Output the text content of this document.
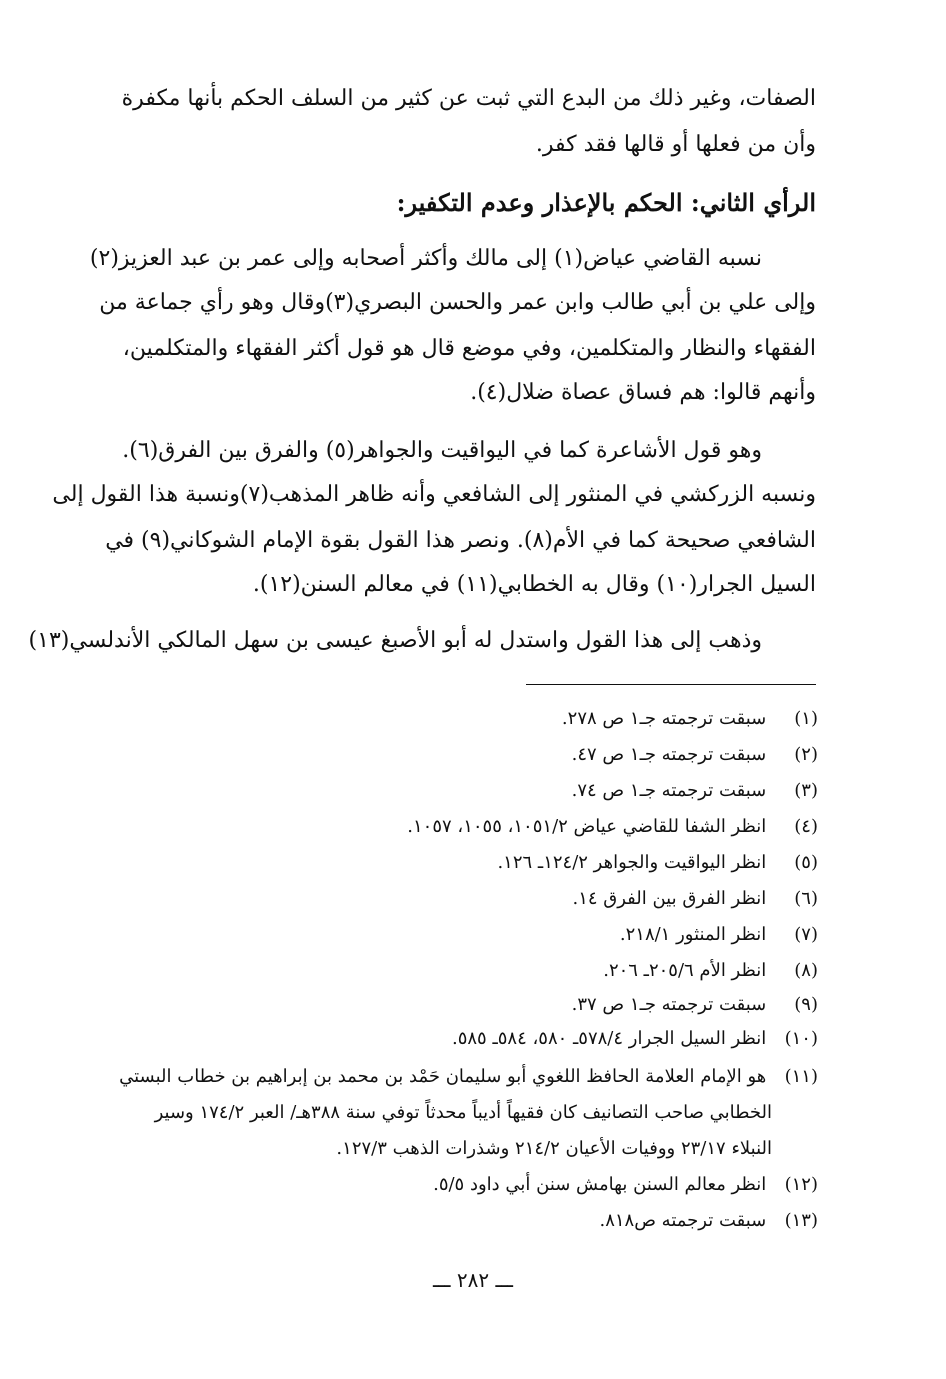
الصفات، وغير ذلك من البدع التي ثبت عن كثير من السلف الحكم بأنها مكفرة
وأن من فعلها أو قالها فقد كفر.
الرأي الثاني: الحكم بالإعذار وعدم التكفير:
نسبه القاضي عياض(١) إلى مالك وأكثر أصحابه وإلى عمر بن عبد العزيز(٢)
وإلى علي بن أبي طالب وابن عمر والحسن البصري(٣)وقال وهو رأي جماعة من
الفقهاء والنظار والمتكلمين، وفي موضع قال هو قول أكثر الفقهاء والمتكلمين،
وأنهم قالوا: هم فساق عصاة ضلال(٤).
وهو قول الأشاعرة كما في اليواقيت والجواهر(٥) والفرق بين الفرق(٦).
ونسبه الزركشي في المنثور إلى الشافعي وأنه ظاهر المذهب(٧)ونسبة هذا القول إلى
الشافعي صحيحة كما في الأم(٨). ونصر هذا القول بقوة الإمام الشوكاني(٩) في
السيل الجرار(١٠) وقال به الخطابي(١١) في معالم السنن(١٢).
وذهب إلى هذا القول واستدل له أبو الأصبغ عيسى بن سهل المالكي الأندلسي(١٣)
(١) سبقت ترجمته جـ١ ص ٢٧٨.
(٢) سبقت ترجمته جـ١ ص ٤٧.
(٣) سبقت ترجمته جـ١ ص ٧٤.
(٤) انظر الشفا للقاضي عياض ١٠٥١/٢، ١٠٥٥، ١٠٥٧.
(٥) انظر اليواقيت والجواهر ١٢٤/٢ـ ١٢٦.
(٦) انظر الفرق بين الفرق ١٤.
(٧) انظر المنثور ٢١٨/١.
(٨) انظر الأم ٢٠٥/٦ـ ٢٠٦.
(٩) سبقت ترجمته جـ١ ص ٣٧.
(١٠) انظر السيل الجرار ٥٧٨/٤ـ ٥٨٠، ٥٨٤ـ ٥٨٥.
(١١) هو الإمام العلامة الحافظ اللغوي أبو سليمان حَمْد بن محمد بن إبراهيم بن خطاب البستي
الخطابي صاحب التصانيف كان فقيهاً أديباً محدثاً توفي سنة ٣٨٨هـ/ العبر ١٧٤/٢ وسير
النبلاء ٢٣/١٧ ووفيات الأعيان ٢١٤/٢ وشذرات الذهب ١٢٧/٣.
(١٢) انظر معالم السنن بهامش سنن أبي داود ٥/٥.
(١٣) سبقت ترجمته ص٨١٨.
ـــ ٢٨٢ ـــ
